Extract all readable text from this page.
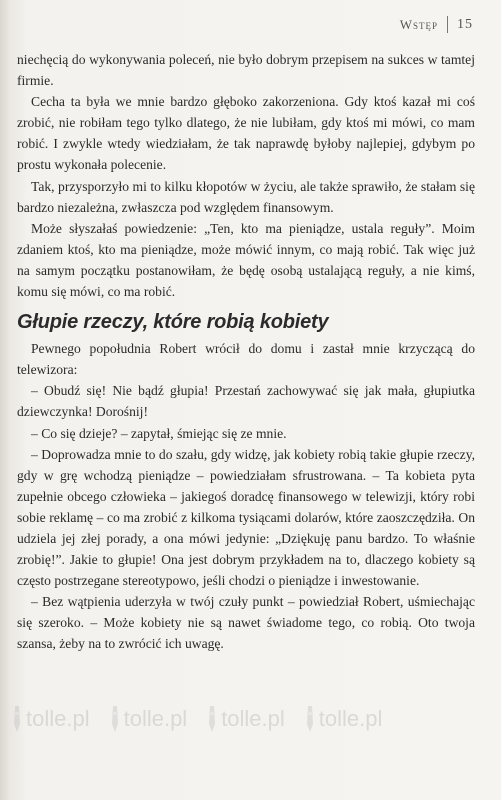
Wstęp 15

niechęcią do wykonywania poleceń, nie było dobrym przepisem na sukces w tamtej firmie.

Cecha ta była we mnie bardzo głęboko zakorzeniona. Gdy ktoś kazał mi coś zrobić, nie robiłam tego tylko dlatego, że nie lubiłam, gdy ktoś mi mówi, co mam robić. I zwykle wtedy wiedziałam, że tak naprawdę byłoby najlepiej, gdybym po prostu wykonała polecenie.

Tak, przysporzyło mi to kilku kłopotów w życiu, ale także sprawiło, że stałam się bardzo niezależna, zwłaszcza pod względem finansowym.

Może słyszałaś powiedzenie: „Ten, kto ma pieniądze, ustala reguły”. Moim zdaniem ktoś, kto ma pieniądze, może mówić innym, co mają robić. Tak więc już na samym początku postanowiłam, że będę osobą ustalającą reguły, a nie kimś, komu się mówi, co ma robić.

Głupie rzeczy, które robią kobiety

Pewnego popołudnia Robert wrócił do domu i zastał mnie krzyczącą do telewizora:

– Obudź się! Nie bądź głupia! Przestań zachowywać się jak mała, głupiutka dziewczynka! Dorośnij!

– Co się dzieje? – zapytał, śmiejąc się ze mnie.

– Doprowadza mnie to do szału, gdy widzę, jak kobiety robią takie głupie rzeczy, gdy w grę wchodzą pieniądze – powiedziałam sfrustrowana. – Ta kobieta pyta zupełnie obcego człowieka – jakiegoś doradcę finansowego w telewizji, który robi sobie reklamę – co ma zrobić z kilkoma tysiącami dolarów, które zaoszczędziła. On udziela jej złej porady, a ona mówi jedynie: „Dziękuję panu bardzo. To właśnie zrobię!”. Jakie to głupie! Ona jest dobrym przykładem na to, dlaczego kobiety są często postrzegane stereotypowo, jeśli chodzi o pieniądze i inwestowanie.

– Bez wątpienia uderzyła w twój czuły punkt – powiedział Robert, uśmiechając się szeroko. – Może kobiety nie są nawet świadome tego, co robią. Oto twoja szansa, żeby na to zwrócić ich uwagę.

tolle.pl tolle.pl tolle.pl tolle.pl
